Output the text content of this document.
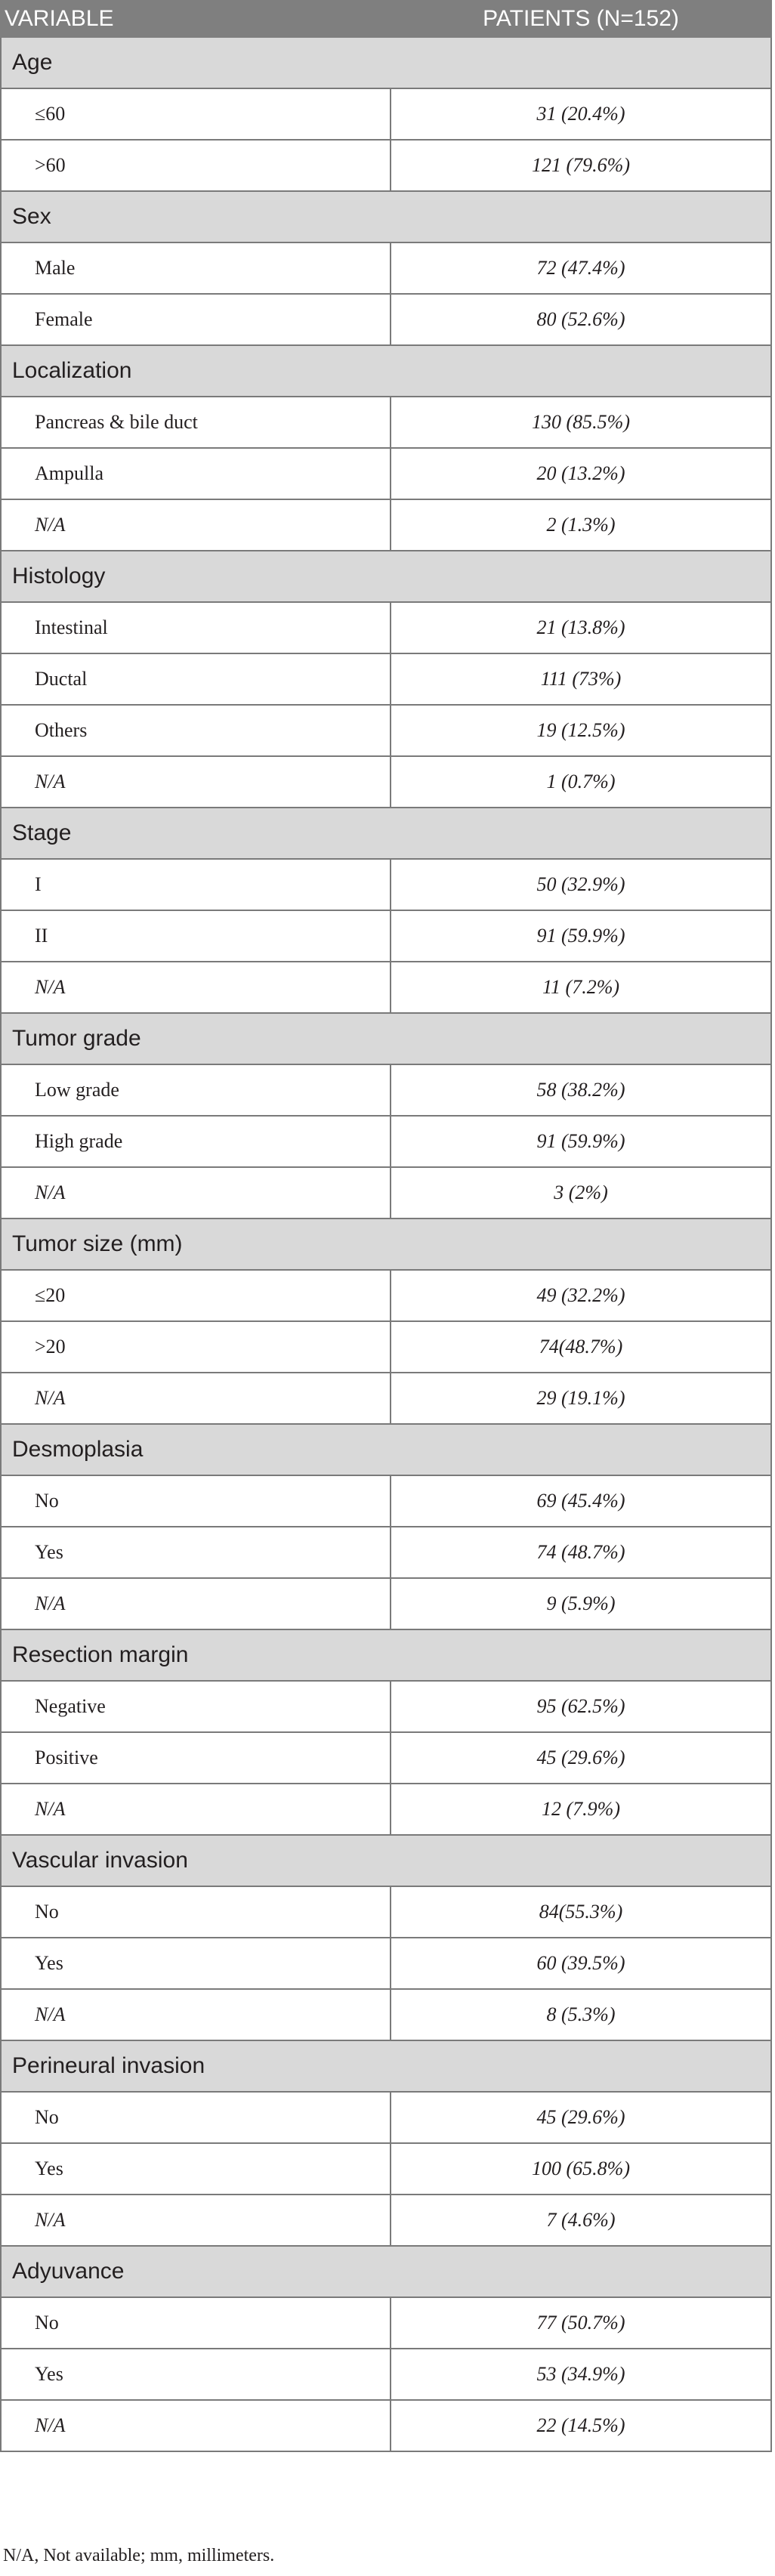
VARIABLE	PATIENTS (N=152)
Age	
≤60	31 (20.4%)
>60	121 (79.6%)
Sex	
Male	72 (47.4%)
Female	80 (52.6%)
Localization	
Pancreas & bile duct	130 (85.5%)
Ampulla	20 (13.2%)
N/A	2 (1.3%)
Histology	
Intestinal	21 (13.8%)
Ductal	111 (73%)
Others	19 (12.5%)
N/A	1 (0.7%)
Stage	
I	50 (32.9%)
II	91 (59.9%)
N/A	11 (7.2%)
Tumor grade	
Low grade	58 (38.2%)
High grade	91 (59.9%)
N/A	3 (2%)
Tumor size (mm)	
≤20	49 (32.2%)
>20	74(48.7%)
N/A	29 (19.1%)
Desmoplasia	
No	69 (45.4%)
Yes	74 (48.7%)
N/A	9 (5.9%)
Resection margin	
Negative	95 (62.5%)
Positive	45 (29.6%)
N/A	12 (7.9%)
Vascular invasion	
No	84(55.3%)
Yes	60 (39.5%)
N/A	8 (5.3%)
Perineural invasion	
No	45 (29.6%)
Yes	100 (65.8%)
N/A	7 (4.6%)
Adyuvance	
No	77 (50.7%)
Yes	53 (34.9%)
N/A	22 (14.5%)
N/A, Not available; mm, millimeters.
